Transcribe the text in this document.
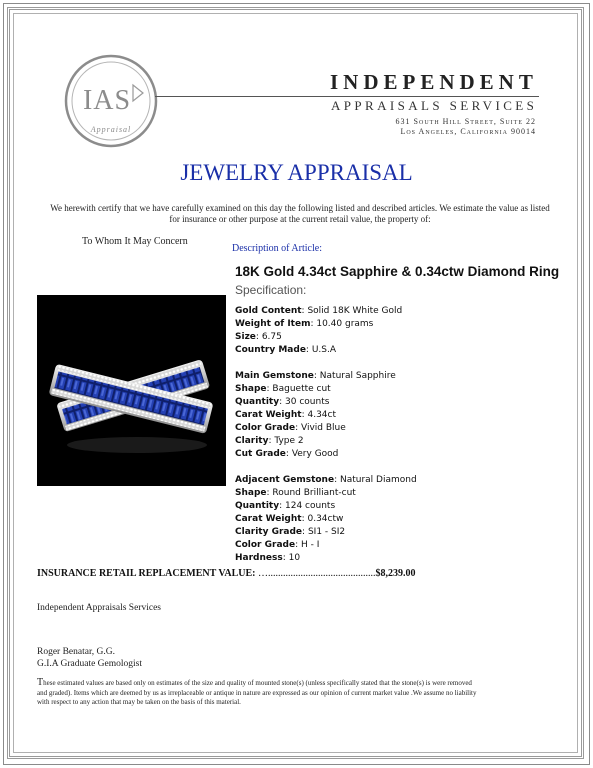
IAS
Appraisal
INDEPENDENT
APPRAISALS SERVICES
631 South Hill Street, Suite 22
Los Angeles, California 90014
JEWELRY APPRAISAL
We herewith certify that we have carefully examined on this day the following listed and described articles. We estimate the value as listed for insurance or other purpose at the current retail value, the property of:
To Whom It May Concern
Description of Article:
18K Gold 4.34ct Sapphire & 0.34ctw Diamond Ring
Specification:
Gold Content: Solid 18K White Gold
Weight of Item: 10.40 grams
Size: 6.75
Country Made: U.S.A
Main Gemstone: Natural Sapphire
Shape: Baguette cut
Quantity: 30 counts
Carat Weight: 4.34ct
Color Grade: Vivid Blue
Clarity: Type 2
Cut Grade: Very Good
Adjacent Gemstone: Natural Diamond
Shape: Round Brilliant-cut
Quantity: 124 counts
Carat Weight: 0.34ctw
Clarity Grade: SI1 - SI2
Color Grade: H - I
Hardness: 10
INSURANCE RETAIL REPLACEMENT VALUE: …...........................................$8,239.00
Independent Appraisals Services
Roger Benatar, G.G.
G.I.A Graduate Gemologist
These estimated values are based only on estimates of the size and quality of mounted stone(s) (unless specifically stated that the stone(s) is were removed and graded). Items which are deemed by us as irreplaceable or antique in nature are expressed as our opinion of current market value .We assume no liability with respect to any action that may be taken on the basis of this material.
